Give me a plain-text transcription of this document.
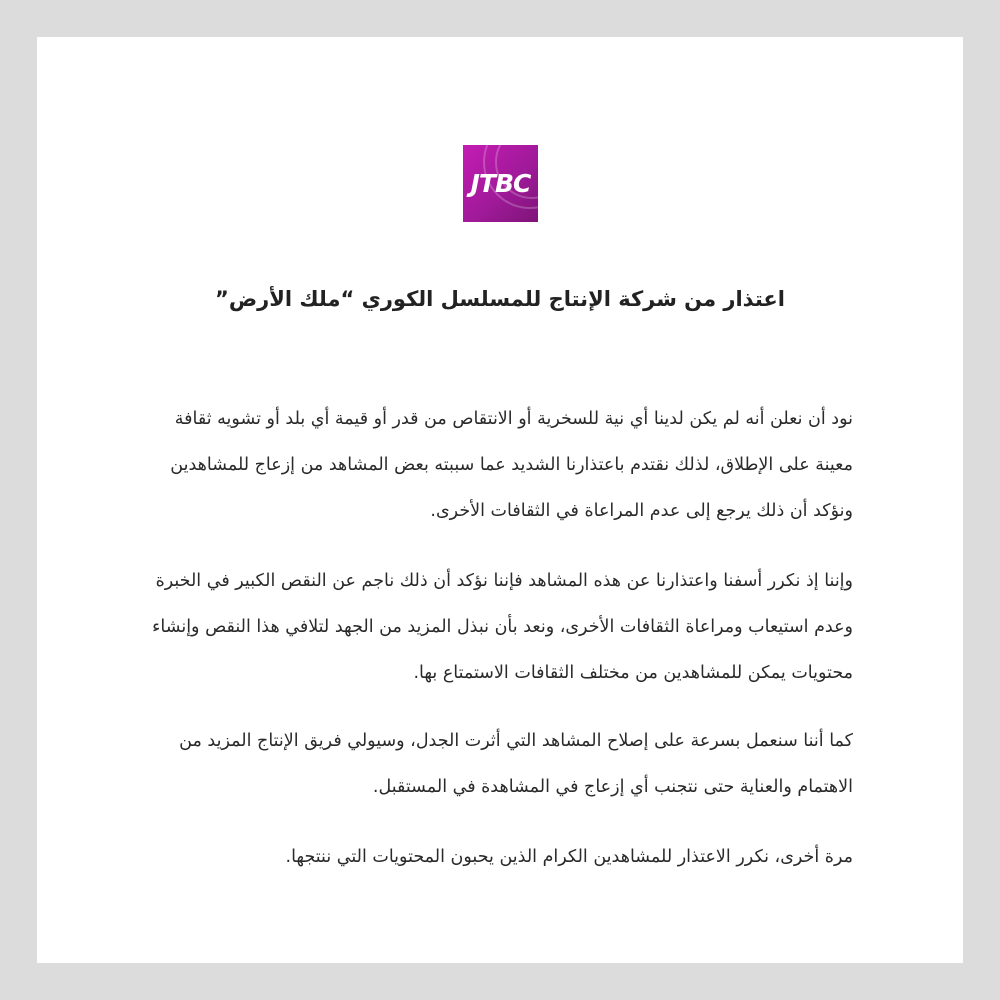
JTBC
اعتذار من شركة الإنتاج للمسلسل الكوري “ملك الأرض”

نود أن نعلن أنه لم يكن لدينا أي نية للسخرية أو الانتقاص من قدر أو قيمة أي بلد أو تشويه ثقافة معينة على الإطلاق، لذلك نقتدم باعتذارنا الشديد عما سببته بعض المشاهد من إزعاج للمشاهدين ونؤكد أن ذلك يرجع إلى عدم المراعاة في الثقافات الأخرى.

وإننا إذ نكرر أسفنا واعتذارنا عن هذه المشاهد فإننا نؤكد أن ذلك ناجم عن النقص الكبير في الخبرة وعدم استيعاب ومراعاة الثقافات الأخرى، ونعد بأن نبذل المزيد من الجهد لتلافي هذا النقص وإنشاء محتويات يمكن للمشاهدين من مختلف الثقافات الاستمتاع بها.

كما أننا سنعمل بسرعة على إصلاح المشاهد التي أثرت الجدل، وسيولي فريق الإنتاج المزيد من الاهتمام والعناية حتى نتجنب أي إزعاج في المشاهدة في المستقبل.

مرة أخرى، نكرر الاعتذار للمشاهدين الكرام الذين يحبون المحتويات التي ننتجها.
